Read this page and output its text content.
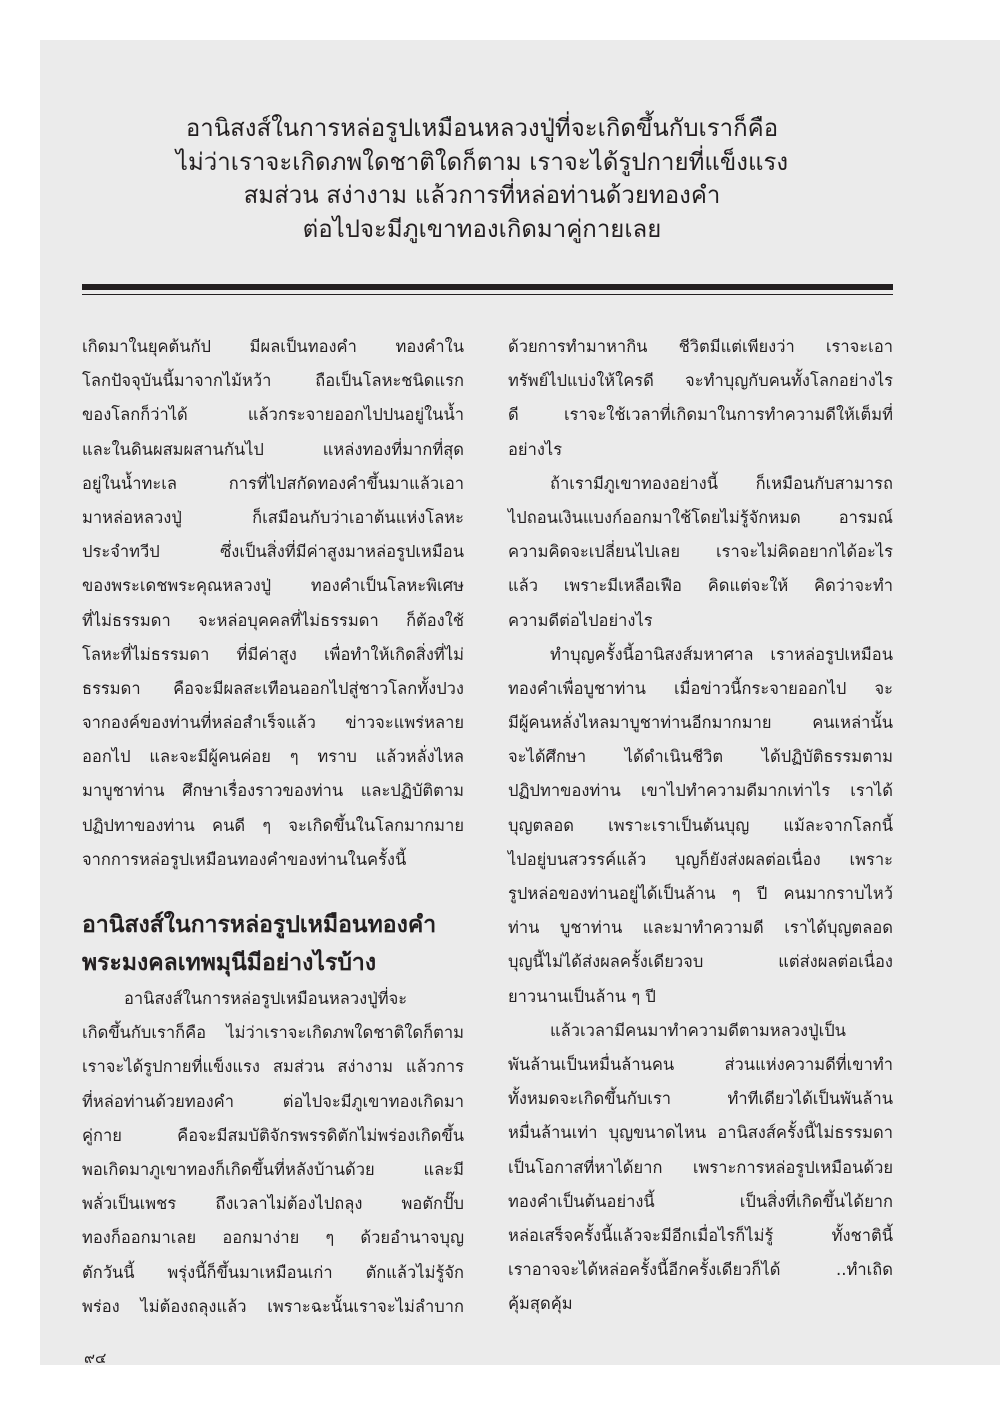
อานิสงส์ในการหล่อรูปเหมือนหลวงปู่ที่จะเกิดขึ้นกับเราก็คือ
ไม่ว่าเราจะเกิดภพใดชาติใดก็ตาม เราจะได้รูปกายที่แข็งแรง
สมส่วน สง่างาม แล้วการที่หล่อท่านด้วยทองคำ
ต่อไปจะมีภูเขาทองเกิดมาคู่กายเลย
เกิดมาในยุคต้นกัป มีผลเป็นทองคำ ทองคำใน
โลกปัจจุบันนี้มาจากไม้หว้า ถือเป็นโลหะชนิดแรก
ของโลกก็ว่าได้ แล้วกระจายออกไปปนอยู่ในน้ำ
และในดินผสมผสานกันไป แหล่งทองที่มากที่สุด
อยู่ในน้ำทะเล การที่ไปสกัดทองคำขึ้นมาแล้วเอา
มาหล่อหลวงปู่ ก็เสมือนกับว่าเอาต้นแห่งโลหะ
ประจำทวีป ซึ่งเป็นสิ่งที่มีค่าสูงมาหล่อรูปเหมือน
ของพระเดชพระคุณหลวงปู่ ทองคำเป็นโลหะพิเศษ
ที่ไม่ธรรมดา จะหล่อบุคคลที่ไม่ธรรมดา ก็ต้องใช้
โลหะที่ไม่ธรรมดา ที่มีค่าสูง เพื่อทำให้เกิดสิ่งที่ไม่
ธรรมดา คือจะมีผลสะเทือนออกไปสู่ชาวโลกทั้งปวง
จากองค์ของท่านที่หล่อสำเร็จแล้ว ข่าวจะแพร่หลาย
ออกไป และจะมีผู้คนค่อย ๆ ทราบ แล้วหลั่งไหล
มาบูชาท่าน ศึกษาเรื่องราวของท่าน และปฏิบัติตาม
ปฏิปทาของท่าน คนดี ๆ จะเกิดขึ้นในโลกมากมาย
จากการหล่อรูปเหมือนทองคำของท่านในครั้งนี้
อานิสงส์ในการหล่อรูปเหมือนทองคำ
พระมงคลเทพมุนีมีอย่างไรบ้าง
อานิสงส์ในการหล่อรูปเหมือนหลวงปู่ที่จะ
เกิดขึ้นกับเราก็คือ ไม่ว่าเราจะเกิดภพใดชาติใดก็ตาม
เราจะได้รูปกายที่แข็งแรง สมส่วน สง่างาม แล้วการ
ที่หล่อท่านด้วยทองคำ ต่อไปจะมีภูเขาทองเกิดมา
คู่กาย คือจะมีสมบัติจักรพรรดิตักไม่พร่องเกิดขึ้น
พอเกิดมาภูเขาทองก็เกิดขึ้นที่หลังบ้านด้วย และมี
พลั่วเป็นเพชร ถึงเวลาไม่ต้องไปถลุง พอตักปั๊บ
ทองก็ออกมาเลย ออกมาง่าย ๆ ด้วยอำนาจบุญ
ตักวันนี้ พรุ่งนี้ก็ขึ้นมาเหมือนเก่า ตักแล้วไม่รู้จัก
พร่อง ไม่ต้องถลุงแล้ว เพราะฉะนั้นเราจะไม่ลำบาก
ด้วยการทำมาหากิน ชีวิตมีแต่เพียงว่า เราจะเอา
ทรัพย์ไปแบ่งให้ใครดี จะทำบุญกับคนทั้งโลกอย่างไร
ดี เราจะใช้เวลาที่เกิดมาในการทำความดีให้เต็มที่
อย่างไร
ถ้าเรามีภูเขาทองอย่างนี้ ก็เหมือนกับสามารถ
ไปถอนเงินแบงก์ออกมาใช้โดยไม่รู้จักหมด อารมณ์
ความคิดจะเปลี่ยนไปเลย เราจะไม่คิดอยากได้อะไร
แล้ว เพราะมีเหลือเฟือ คิดแต่จะให้ คิดว่าจะทำ
ความดีต่อไปอย่างไร
ทำบุญครั้งนี้อานิสงส์มหาศาล เราหล่อรูปเหมือน
ทองคำเพื่อบูชาท่าน เมื่อข่าวนี้กระจายออกไป จะ
มีผู้คนหลั่งไหลมาบูชาท่านอีกมากมาย คนเหล่านั้น
จะได้ศึกษา ได้ดำเนินชีวิต ได้ปฏิบัติธรรมตาม
ปฏิปทาของท่าน เขาไปทำความดีมากเท่าไร เราได้
บุญตลอด เพราะเราเป็นต้นบุญ แม้ละจากโลกนี้
ไปอยู่บนสวรรค์แล้ว บุญก็ยังส่งผลต่อเนื่อง เพราะ
รูปหล่อของท่านอยู่ได้เป็นล้าน ๆ ปี คนมากราบไหว้
ท่าน บูชาท่าน และมาทำความดี เราได้บุญตลอด
บุญนี้ไม่ได้ส่งผลครั้งเดียวจบ แต่ส่งผลต่อเนื่อง
ยาวนานเป็นล้าน ๆ ปี
แล้วเวลามีคนมาทำความดีตามหลวงปู่เป็น
พันล้านเป็นหมื่นล้านคน ส่วนแห่งความดีที่เขาทำ
ทั้งหมดจะเกิดขึ้นกับเรา ทำทีเดียวได้เป็นพันล้าน
หมื่นล้านเท่า บุญขนาดไหน อานิสงส์ครั้งนี้ไม่ธรรมดา
เป็นโอกาสที่หาได้ยาก เพราะการหล่อรูปเหมือนด้วย
ทองคำเป็นต้นอย่างนี้ เป็นสิ่งที่เกิดขึ้นได้ยาก
หล่อเสร็จครั้งนี้แล้วจะมีอีกเมื่อไรก็ไม่รู้ ทั้งชาตินี้
เราอาจจะได้หล่อครั้งนี้อีกครั้งเดียวก็ได้ ..ทำเถิด
คุ้มสุดคุ้ม
๙๔
